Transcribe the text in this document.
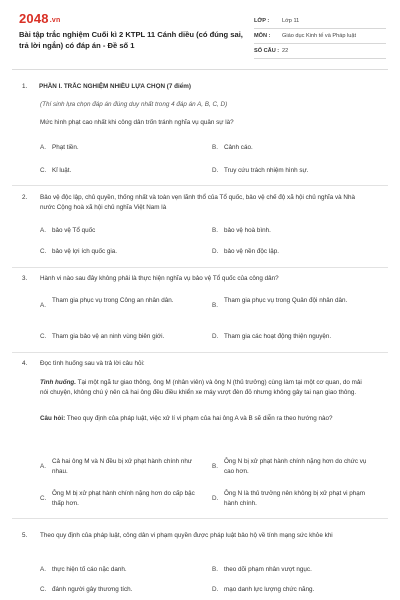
2048.vn
Bài tập trắc nghiệm Cuối kì 2 KTPL 11 Cánh diều (có đúng sai, trả lời ngắn) có đáp án - Đề số 1
LỚP :	Lớp 11
MÔN :	Giáo dục Kinh tế và Pháp luật
SỐ CÂU : 22
1. PHẦN I. TRẮC NGHIỆM NHIỀU LỰA CHỌN (7 điểm)
(Thí sinh lựa chọn đáp án đúng duy nhất trong 4 đáp án A, B, C, D)
Mức hình phạt cao nhất khi công dân trốn tránh nghĩa vụ quân sự là?
A. Phạt tiền.	B. Cảnh cáo.
C. Kỉ luật.	D. Truy cứu trách nhiệm hình sự.
2. Bảo vệ độc lập, chủ quyền, thống nhất và toàn vẹn lãnh thổ của Tổ quốc, bảo vệ chế độ xã hội chủ nghĩa và Nhà nước Cộng hoà xã hội chủ nghĩa Việt Nam là
A. bảo vệ Tổ quốc	B. bảo vệ hoà bình.
C. bảo vệ lợi ích quốc gia.	D. bảo vệ nền độc lập.
3. Hành vi nào sau đây không phải là thực hiện nghĩa vụ bảo vệ Tổ quốc của công dân?
A.
Tham gia phục vụ trong Công an nhân dân.
B.
Tham gia phục vụ trong Quân đội nhân dân.
C. Tham gia bảo vệ an ninh vùng biên giới.	D. Tham gia các hoạt động thiện nguyện.
4. Đọc tình huống sau và trả lời câu hỏi:
Tình huống. Tại một ngã tư giao thông, ông M (nhân viên) và ông N (thủ trưởng) cùng làm tại một cơ quan, do mải nói chuyện, không chú ý nên cả hai ông đều điều khiển xe máy vượt đèn đỏ nhưng không gây tai nạn giao thông.
Câu hỏi: Theo quy định của pháp luật, việc xử lí vi phạm của hai ông A và B sẽ diễn ra theo hướng nào?
A.
Cả hai ông M và N đều bị xử phạt hành chính như nhau.
B.
Ông N bị xử phạt hành chính nặng hơn do chức vụ cao hơn.
C.
Ông M bị xử phạt hành chính nặng hơn do cấp bậc thấp hơn.
D.
Ông N là thủ trưởng nên không bị xử phạt vi phạm hành chính.
5. Theo quy định của pháp luật, công dân vi phạm quyền được pháp luật bảo hộ về tính mạng sức khỏe khi
A. thực hiện tố cáo nặc danh.	B. theo dõi phạm nhân vượt ngục.
C. đánh người gây thương tích.	D. mạo danh lực lượng chức năng.
